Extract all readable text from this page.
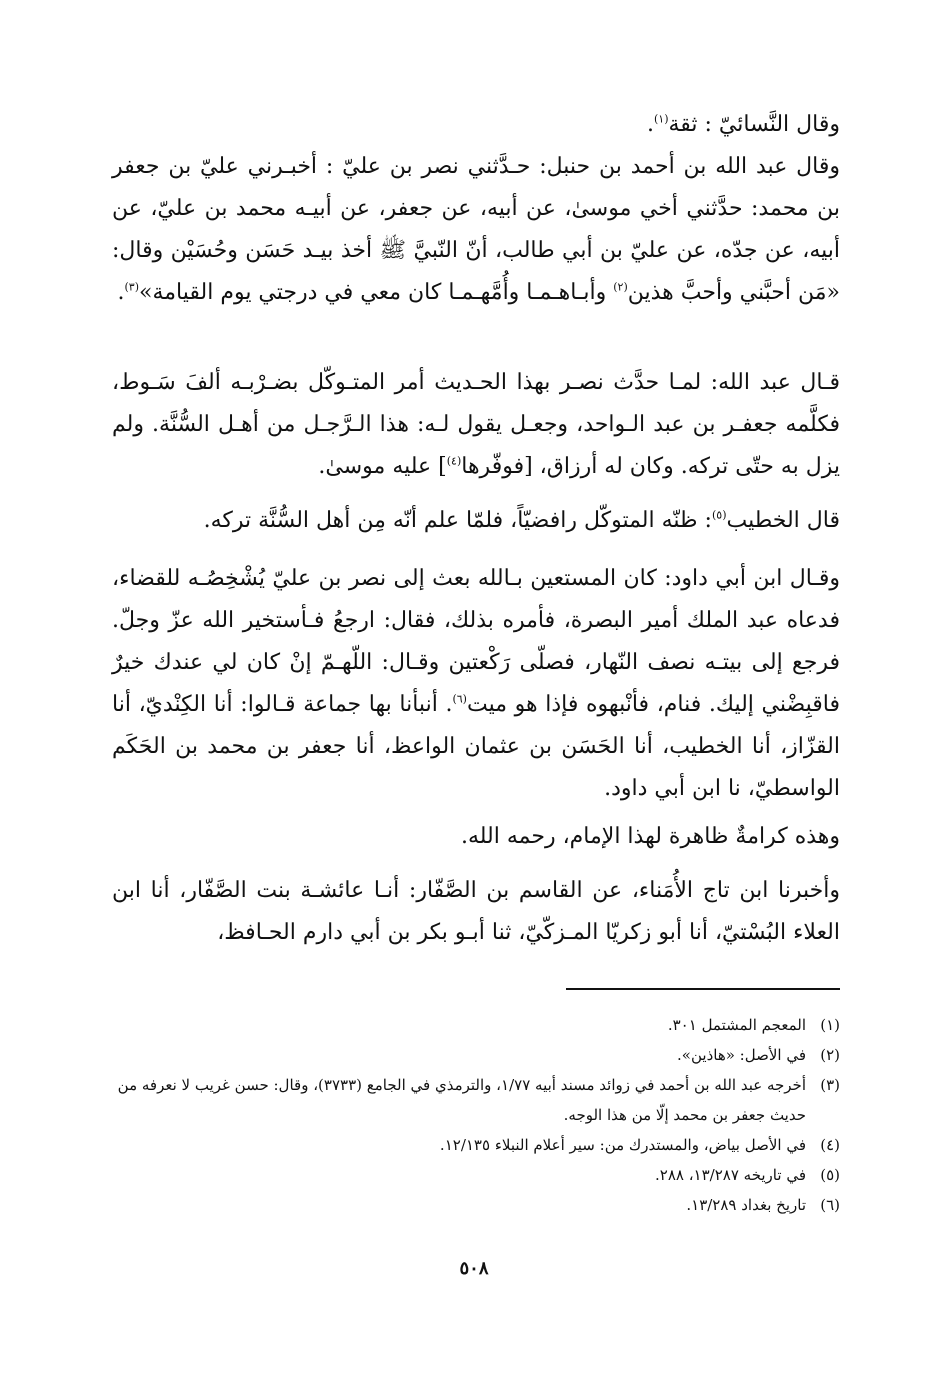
وقال النَّسائيّ : ثقة$^{(١)}$.

وقال عبد الله بن أحمد بن حنبل: حـدَّثني نصر بن عليّ : أخبـرني عليّ بن جعفر بن محمد: حدَّثني أخي موسىٰ، عن أبيه، عن جعفر، عن أبيـه محمد بن عليّ، عن أبيه، عن جدّه، عن عليّ بن أبي طالب، أنّ النّبيَّ ﷺ أخذ بيـد حَسَن وحُسَيْن وقال: «مَن أحبَّني وأحبَّ هذين$^{(٢)}$ وأبـاهـمـا وأُمَّهـمـا كان معي في درجتي يوم القيامة»$^{(٣)}$.

قـال عبد الله: لمـا حدَّث نصـر بهذا الحـديث أمر المتـوكّل بضـرْبـه ألفَ سَـوط، فكلَّمه جعفـر بن عبد الـواحد، وجعـل يقول لـه: هذا الـرَّجـل من أهـل السُّنَّة. ولم يزل به حتّى تركه. وكان له أرزاق، [فوفّرها$^{(٤)}$] عليه موسىٰ.

قال الخطيب$^{(٥)}$: ظنّه المتوكّل رافضيّاً، فلمّا علم أنّه مِن أهل السُّنَّة تركه.

وقـال ابن أبي داود: كان المستعين بـالله بعث إلى نصر بن عليّ يُشْخِصُـه للقضاء، فدعاه عبد الملك أمير البصرة، فأمره بذلك، فقال: ارجعُ فـأستخير الله عزّ وجلّ. فرجع إلى بيتـه نصف النّهار، فصلّى رَكْعتين وقـال: اللّهـمّ إنْ كان لي عندك خيرٌ فاقبِضْني إليك. فنام، فأنْبهوه فإذا هو ميت$^{(٦)}$. أنبأنا بها جماعة قـالوا: أنا الكِنْديّ، أنا القزّاز، أنا الخطيب، أنا الحَسَن بن عثمان الواعظ، أنا جعفر بن محمد بن الحَكَم الواسطيّ، نا ابن أبي داود.

وهذه كرامةٌ ظاهرة لهذا الإمام، رحمه الله.

وأخبرنا ابن تاج الأُمَناء، عن القاسم بن الصَّفّار: أنـا عائشـة بنت الصَّفّار، أنا ابن العلاء البُسْتيّ، أنا أبو زكريّا المـزكّيّ، ثنا أبـو بكر بن أبي دارم الحـافظ،

(١)
المعجم المشتمل ٣٠١.
(٢)
في الأصل: «هاذين».
(٣)
أخرجه عبد الله بن أحمد في زوائد مسند أبيه ١/٧٧، والترمذي في الجامع (٣٧٣٣)، وقال: حسن غريب لا نعرفه من حديث جعفر بن محمد إلّا من هذا الوجه.
(٤)
في الأصل بياض، والمستدرك من: سير أعلام النبلاء ١٢/١٣٥.
(٥)
في تاريخه ١٣/٢٨٧، ٢٨٨.
(٦)
تاريخ بغداد ١٣/٢٨٩.
٥٠٨
